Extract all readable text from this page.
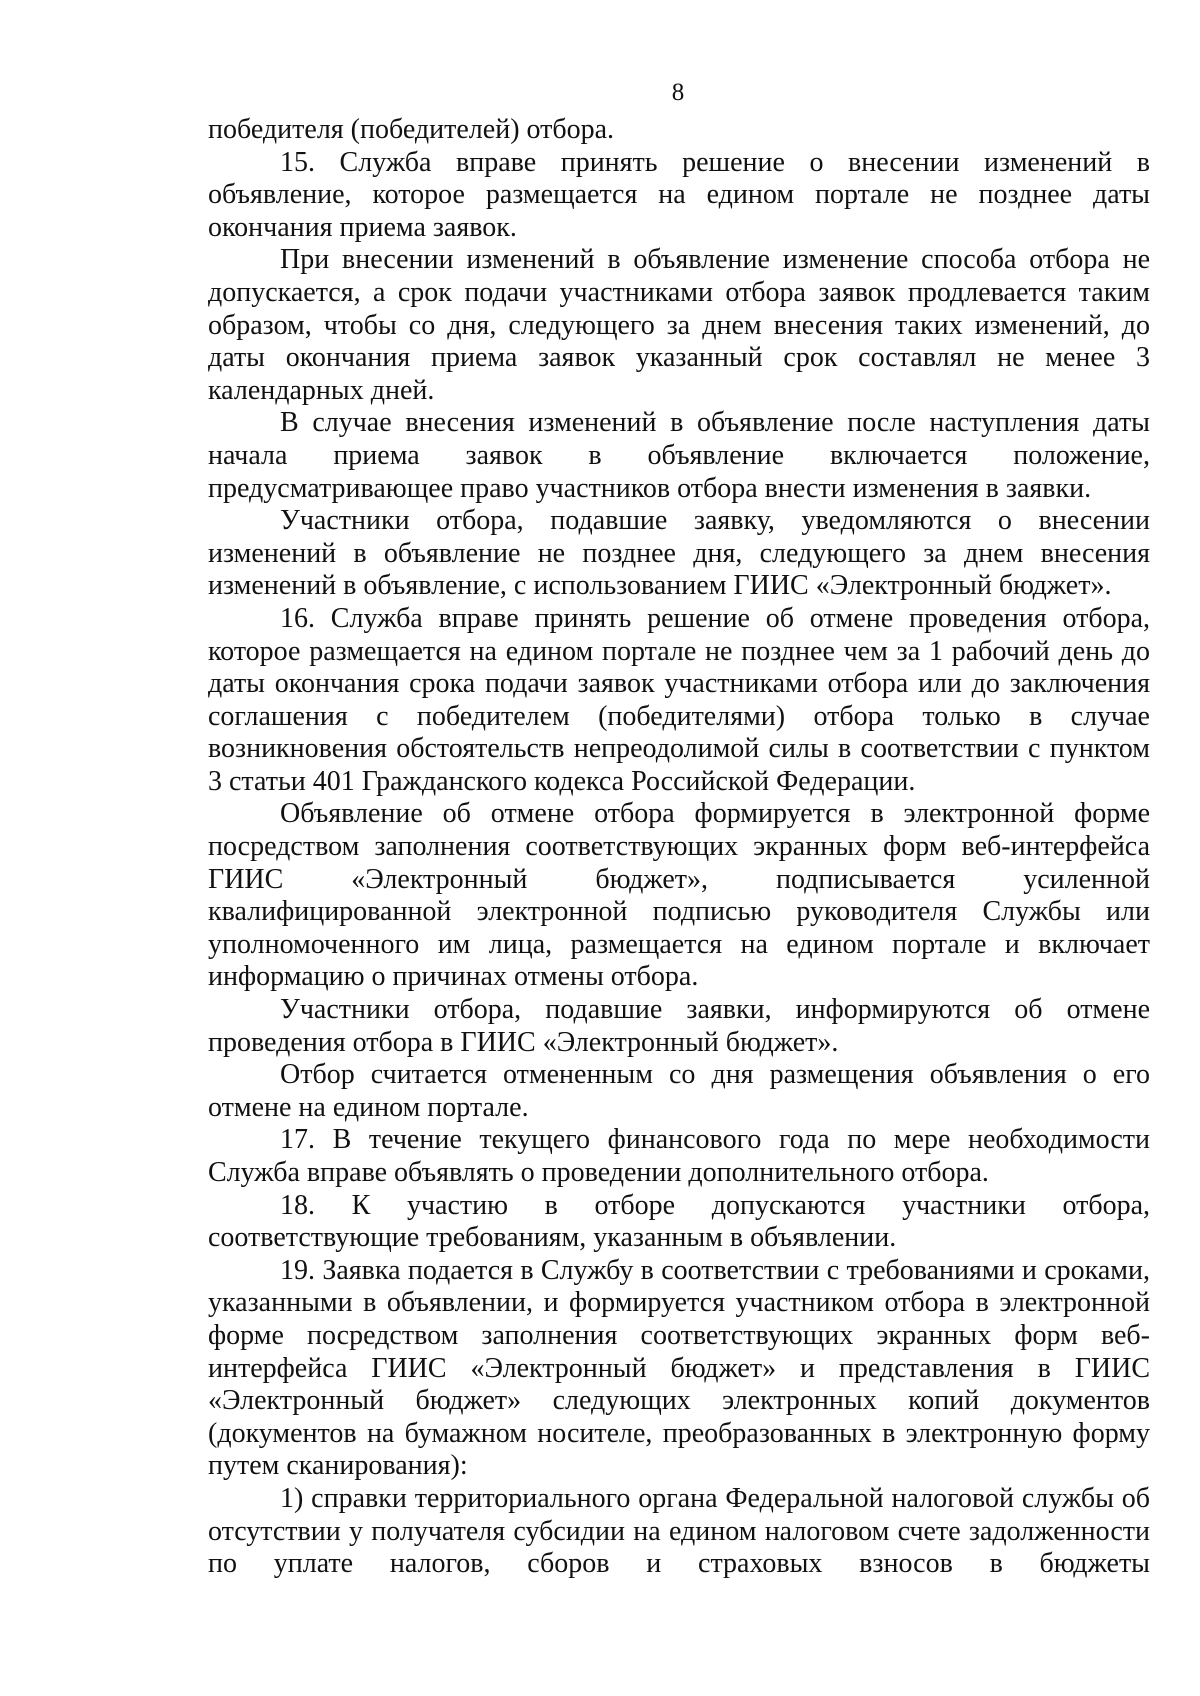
8

победителя (победителей) отбора.

15. Служба вправе принять решение о внесении изменений в объявление, которое размещается на едином портале не позднее даты окончания приема заявок.

При внесении изменений в объявление изменение способа отбора не допускается, а срок подачи участниками отбора заявок продлевается таким образом, чтобы со дня, следующего за днем внесения таких изменений, до даты окончания приема заявок указанный срок составлял не менее 3 календарных дней.

В случае внесения изменений в объявление после наступления даты начала приема заявок в объявление включается положение, предусматривающее право участников отбора внести изменения в заявки.

Участники отбора, подавшие заявку, уведомляются о внесении изменений в объявление не позднее дня, следующего за днем внесения изменений в объявление, с использованием ГИИС «Электронный бюджет».

16. Служба вправе принять решение об отмене проведения отбора, которое размещается на едином портале не позднее чем за 1 рабочий день до даты окончания срока подачи заявок участниками отбора или до заключения соглашения с победителем (победителями) отбора только в случае возникновения обстоятельств непреодолимой силы в соответствии с пунктом 3 статьи 401 Гражданского кодекса Российской Федерации.

Объявление об отмене отбора формируется в электронной форме посредством заполнения соответствующих экранных форм веб-интерфейса ГИИС «Электронный бюджет», подписывается усиленной квалифицированной электронной подписью руководителя Службы или уполномоченного им лица, размещается на едином портале и включает информацию о причинах отмены отбора.

Участники отбора, подавшие заявки, информируются об отмене проведения отбора в ГИИС «Электронный бюджет».

Отбор считается отмененным со дня размещения объявления о его отмене на едином портале.

17. В течение текущего финансового года по мере необходимости Служба вправе объявлять о проведении дополнительного отбора.

18. К участию в отборе допускаются участники отбора, соответствующие требованиям, указанным в объявлении.

19. Заявка подается в Службу в соответствии с требованиями и сроками, указанными в объявлении, и формируется участником отбора в электронной форме посредством заполнения соответствующих экранных форм веб-интерфейса ГИИС «Электронный бюджет» и представления в ГИИС «Электронный бюджет» следующих электронных копий документов (документов на бумажном носителе, преобразованных в электронную форму путем сканирования):

1) справки территориального органа Федеральной налоговой службы об отсутствии у получателя субсидии на едином налоговом счете задолженности по уплате налогов, сборов и страховых взносов в бюджеты
